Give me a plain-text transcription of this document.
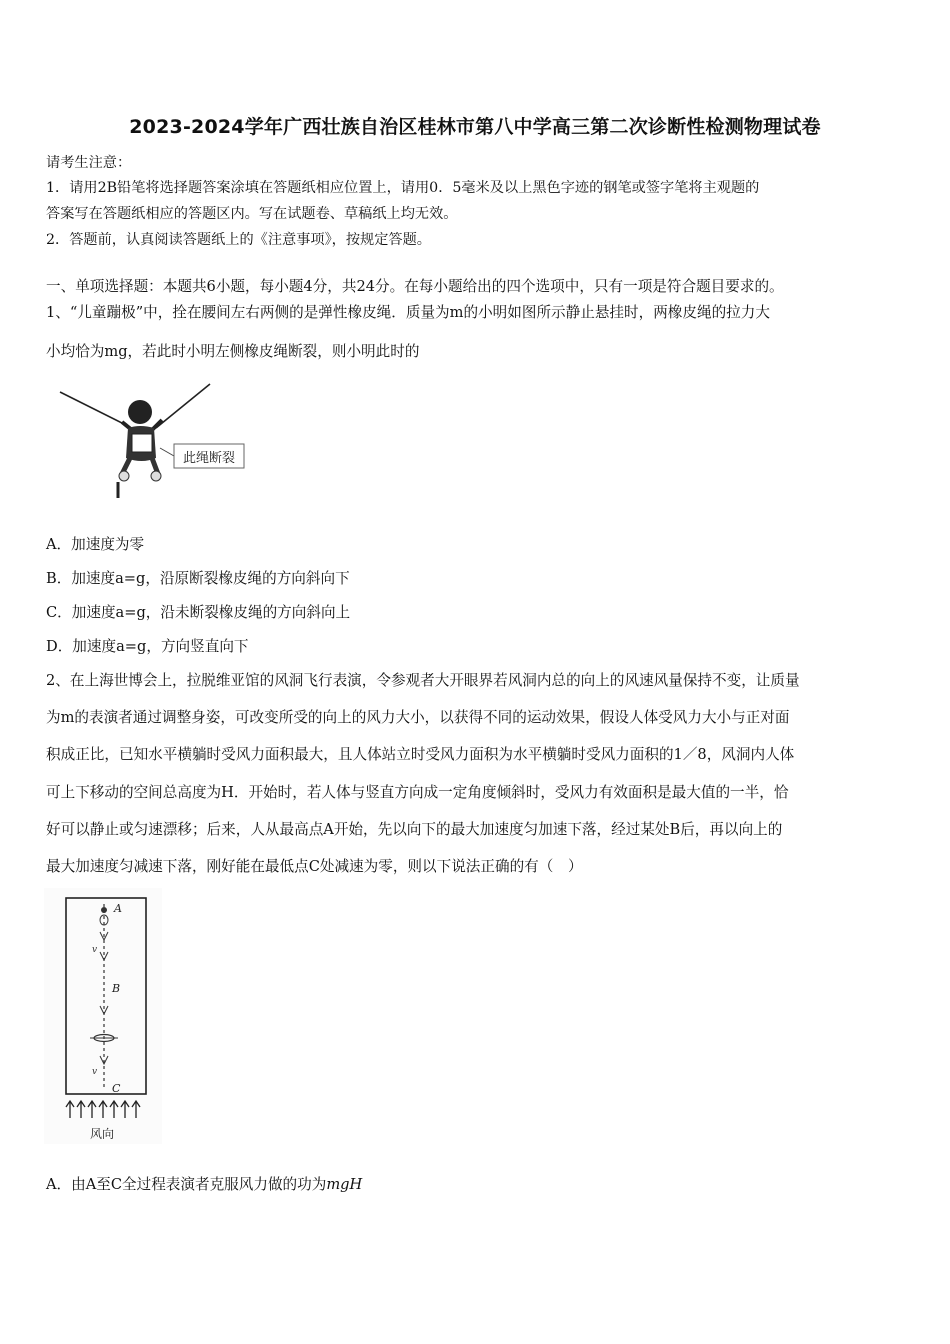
2023-2024学年广西壮族自治区桂林市第八中学高三第二次诊断性检测物理试卷
请考生注意：
1．请用2B铅笔将选择题答案涂填在答题纸相应位置上，请用0．5毫米及以上黑色字迹的钢笔或签字笔将主观题的
答案写在答题纸相应的答题区内。写在试题卷、草稿纸上均无效。
2．答题前，认真阅读答题纸上的《注意事项》，按规定答题。
一、单项选择题：本题共6小题，每小题4分，共24分。在每小题给出的四个选项中，只有一项是符合题目要求的。
1、“儿童蹦极”中，拴在腰间左右两侧的是弹性橡皮绳．质量为m的小明如图所示静止悬挂时，两橡皮绳的拉力大
小均恰为mg，若此时小明左侧橡皮绳断裂，则小明此时的
此绳断裂
A．加速度为零
B．加速度a=g，沿原断裂橡皮绳的方向斜向下
C．加速度a=g，沿未断裂橡皮绳的方向斜向上
D．加速度a=g，方向竖直向下
2、在上海世博会上，拉脱维亚馆的风洞飞行表演，令参观者大开眼界若风洞内总的向上的风速风量保持不变，让质量
为m的表演者通过调整身姿，可改变所受的向上的风力大小，以获得不同的运动效果，假设人体受风力大小与正对面
积成正比，已知水平横躺时受风力面积最大，且人体站立时受风力面积为水平横躺时受风力面积的1／8，风洞内人体
可上下移动的空间总高度为H．开始时，若人体与竖直方向成一定角度倾斜时，受风力有效面积是最大值的一半，恰
好可以静止或匀速漂移；后来，人从最高点A开始，先以向下的最大加速度匀加速下落，经过某处B后，再以向上的
最大加速度匀减速下落，刚好能在最低点C处减速为零，则以下说法正确的有（　）
A
v
B
v
C
风向
A．由A至C全过程表演者克服风力做的功为mgH
